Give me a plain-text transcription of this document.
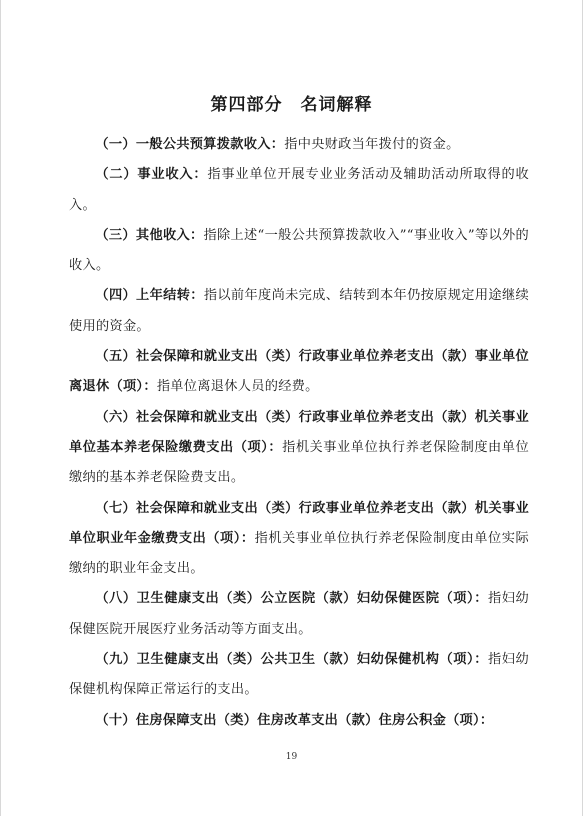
第四部分　名词解释

（一）一般公共预算拨款收入：指中央财政当年拨付的资金。

（二）事业收入：指事业单位开展专业业务活动及辅助活动所取得的收入。

（三）其他收入：指除上述“一般公共预算拨款收入”“事业收入”等以外的收入。

（四）上年结转：指以前年度尚未完成、结转到本年仍按原规定用途继续使用的资金。

（五）社会保障和就业支出（类）行政事业单位养老支出（款）事业单位离退休（项）：指单位离退休人员的经费。

（六）社会保障和就业支出（类）行政事业单位养老支出（款）机关事业单位基本养老保险缴费支出（项）：指机关事业单位执行养老保险制度由单位缴纳的基本养老保险费支出。

（七）社会保障和就业支出（类）行政事业单位养老支出（款）机关事业单位职业年金缴费支出（项）：指机关事业单位执行养老保险制度由单位实际缴纳的职业年金支出。

（八）卫生健康支出（类）公立医院（款）妇幼保健医院（项）：指妇幼保健医院开展医疗业务活动等方面支出。

（九）卫生健康支出（类）公共卫生（款）妇幼保健机构（项）：指妇幼保健机构保障正常运行的支出。

（十）住房保障支出（类）住房改革支出（款）住房公积金（项）：

19
